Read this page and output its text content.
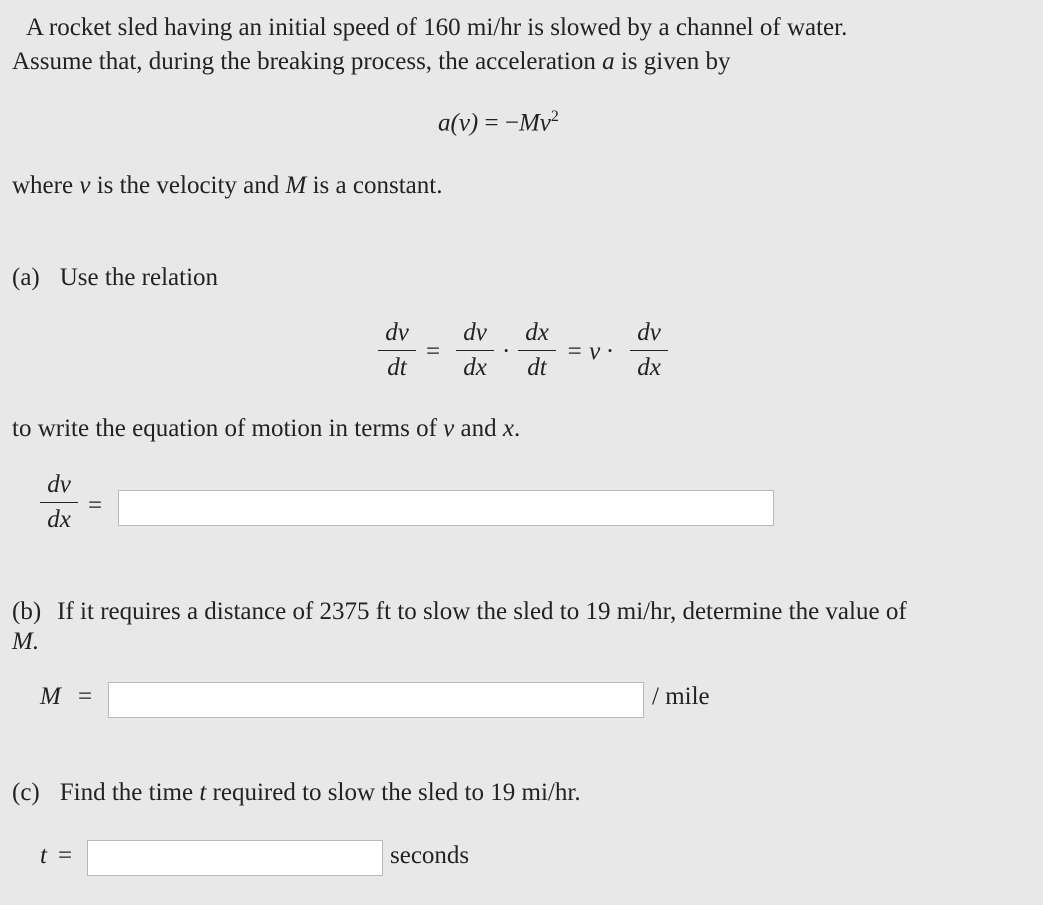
A rocket sled having an initial speed of 160 mi/hr is slowed by a channel of water.
Assume that, during the breaking process, the acceleration a is given by
$a(v) = -Mv^2$
where v is the velocity and M is a constant.
(a) Use the relation
dv
dt
=
dv
dx
·
dx
dt
= v ·
dv
dx
to write the equation of motion in terms of v and x.
dv
dx
=
(b) If it requires a distance of 2375 ft to slow the sled to 19 mi/hr, determine the value of
M.
M =	/ mile
(c) Find the time t required to slow the sled to 19 mi/hr.
t =	seconds
